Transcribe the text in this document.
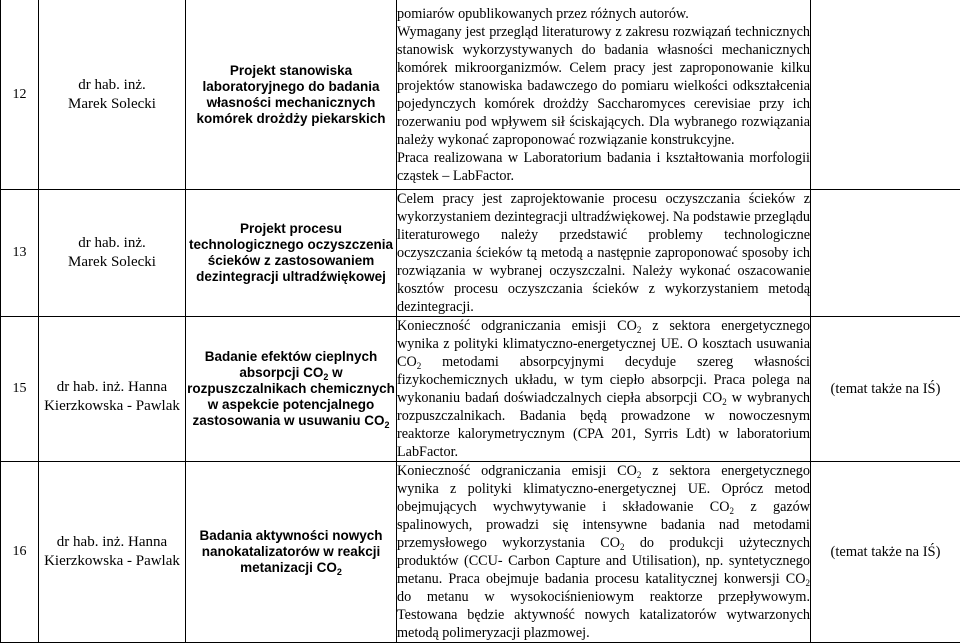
12	dr hab. inż. Marek Solecki	Projekt stanowiska laboratoryjnego do badania własności mechanicznych komórek drożdży piekarskich	pomiarów opublikowanych przez różnych autorów.

Wymagany jest przegląd literaturowy z zakresu rozwiązań technicznych stanowisk wykorzystywanych do badania własności mechanicznych komórek mikroorganizmów. Celem pracy jest zaproponowanie kilku projektów stanowiska badawczego do pomiaru wielkości odkształcenia pojedynczych komórek drożdży Saccharomyces cerevisiae przy ich rozerwaniu pod wpływem sił ściskających. Dla wybranego rozwiązania należy wykonać zaproponować rozwiązanie konstrukcyjne.

Praca realizowana w Laboratorium badania i kształtowania morfologii cząstek – LabFactor.	

13	dr hab. inż. Marek Solecki	Projekt procesu technologicznego oczyszczenia ścieków z zastosowaniem dezintegracji ultradźwiękowej	Celem pracy jest zaprojektowanie procesu oczyszczania ścieków z wykorzystaniem dezintegracji ultradźwiękowej. Na podstawie przeglądu literaturowego należy przedstawić problemy technologiczne oczyszczania ścieków tą metodą a następnie zaproponować sposoby ich rozwiązania w wybranej oczyszczalni. Należy wykonać oszacowanie kosztów procesu oczyszczania ścieków z wykorzystaniem metodą dezintegracji.	

15	dr hab. inż. Hanna Kierzkowska - Pawlak	Badanie efektów cieplnych absorpcji $CO_2$ w rozpuszczalnikach chemicznych w aspekcie potencjalnego zastosowania w usuwaniu $CO_2$	Konieczność odgraniczania emisji $CO_2$ z sektora energetycznego wynika z polityki klimatyczno-energetycznej UE. O kosztach usuwania $CO_2$ metodami absorpcyjnymi decyduje szereg własności fizykochemicznych układu, w tym ciepło absorpcji. Praca polega na wykonaniu badań doświadczalnych ciepła absorpcji $CO_2$ w wybranych rozpuszczalnikach. Badania będą prowadzone w nowoczesnym reaktorze kalorymetrycznym (CPA 201, Syrris Ldt) w laboratorium LabFactor.	(temat także na IŚ)
16	dr hab. inż. Hanna Kierzkowska - Pawlak	Badania aktywności nowych nanokatalizatorów w reakcji metanizacji $CO_2$	Konieczność odgraniczania emisji $CO_2$ z sektora energetycznego wynika z polityki klimatyczno-energetycznej UE. Oprócz metod obejmujących wychwytywanie i składowanie $CO_2$ z gazów spalinowych, prowadzi się intensywne badania nad metodami przemysłowego wykorzystania $CO_2$ do produkcji użytecznych produktów (CCU- Carbon Capture and Utilisation), np. syntetycznego metanu. Praca obejmuje badania procesu katalitycznej konwersji $CO_2$ do metanu w wysokociśnieniowym reaktorze przepływowym. Testowana będzie aktywność nowych katalizatorów wytwarzonych metodą polimeryzacji plazmowej.	(temat także na IŚ)
